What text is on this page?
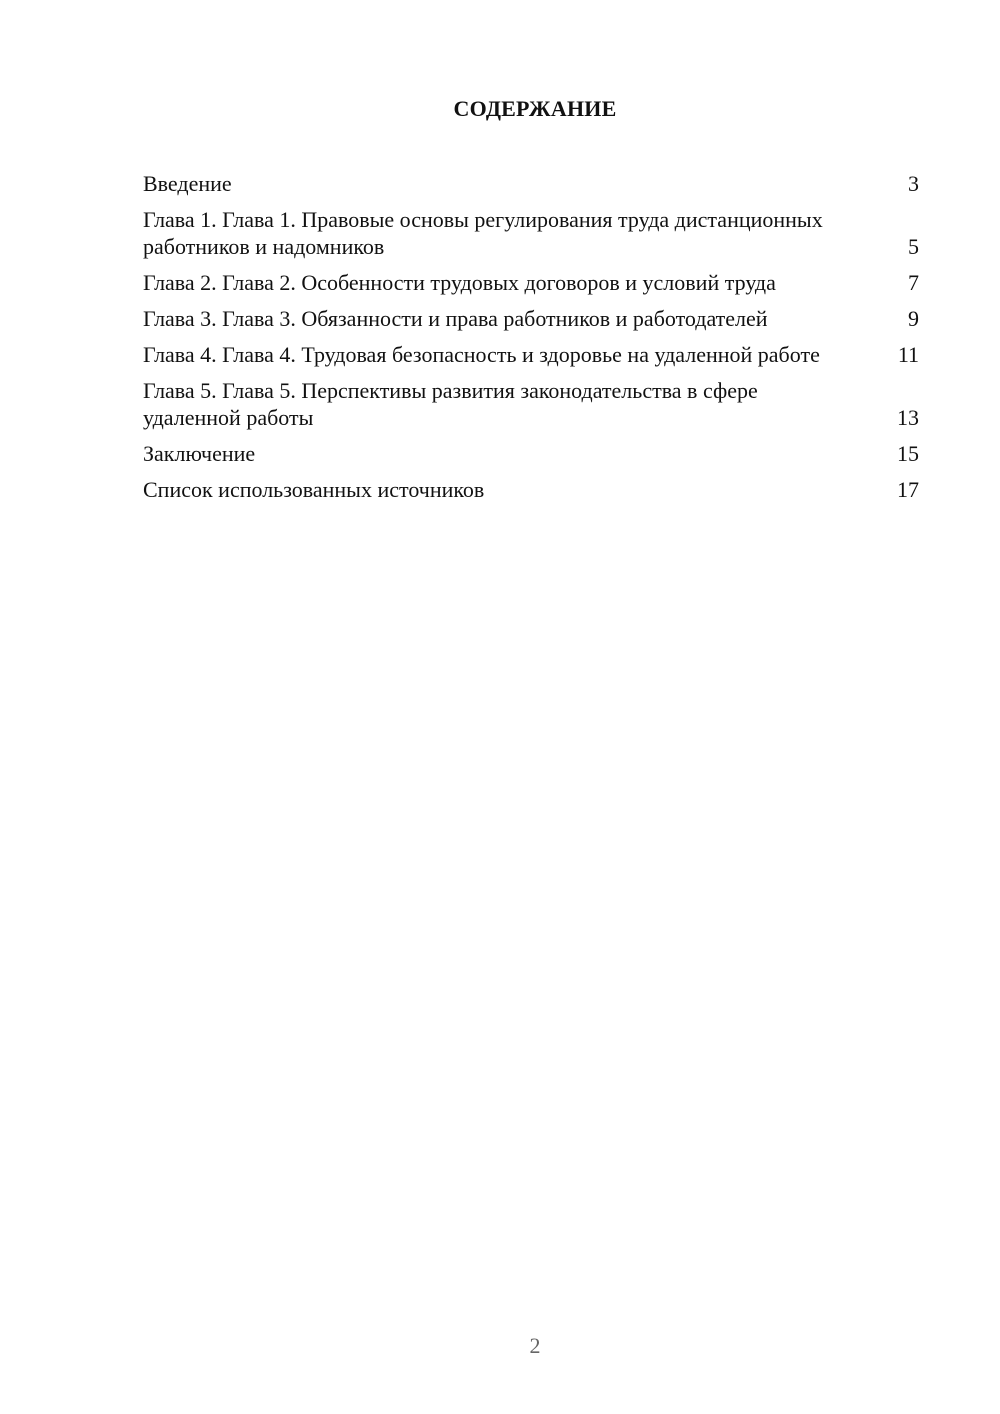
СОДЕРЖАНИЕ
Введение	3
Глава 1. Глава 1. Правовые основы регулирования труда дистанционных работников и надомников	5
Глава 2. Глава 2. Особенности трудовых договоров и условий труда	7
Глава 3. Глава 3. Обязанности и права работников и работодателей	9
Глава 4. Глава 4. Трудовая безопасность и здоровье на удаленной работе	11
Глава 5. Глава 5. Перспективы развития законодательства в сфере удаленной работы	13
Заключение	15
Список использованных источников	17
2
